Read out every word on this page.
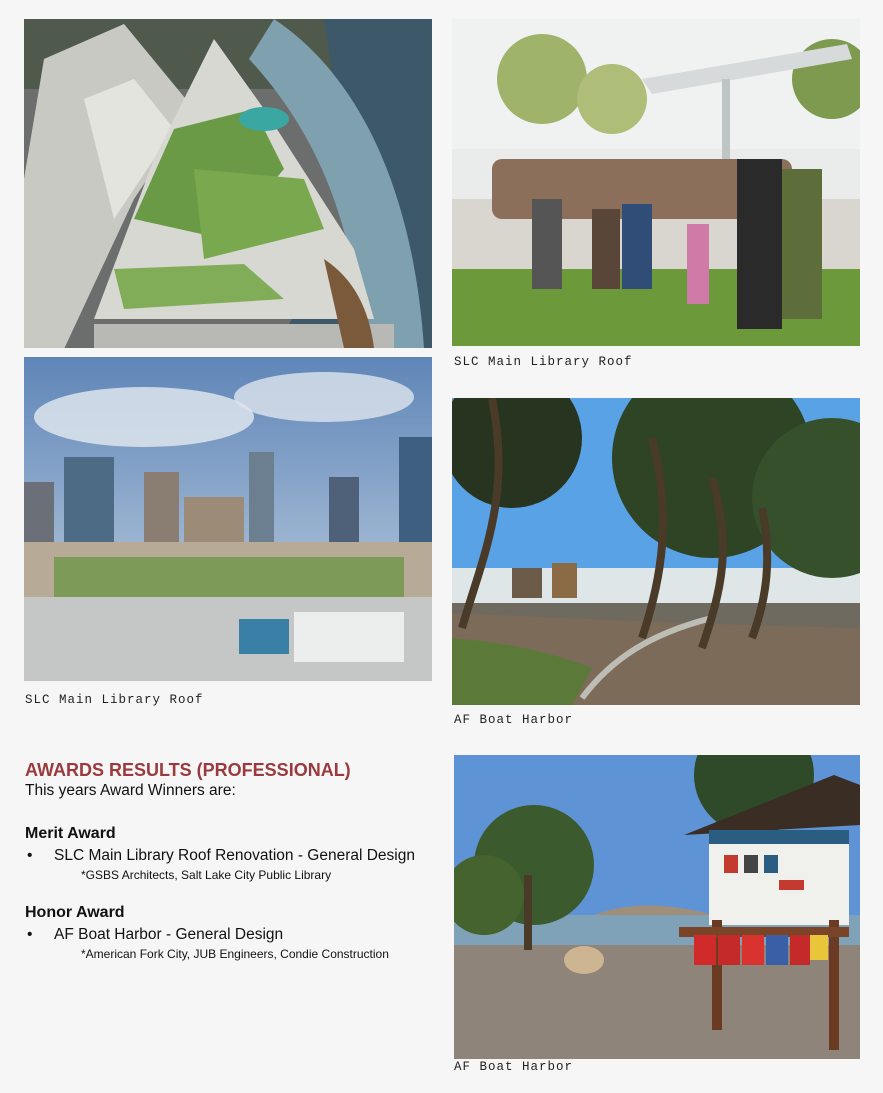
SLC Main Library Roof
SLC Main Library Roof
AF Boat Harbor
AF Boat Harbor
AWARDS RESULTS (PROFESSIONAL)
This years Award Winners are:
Merit Award
•	SLC Main Library Roof Renovation - General Design
*GSBS Architects, Salt Lake City Public Library
Honor Award
•	AF Boat Harbor - General Design
*American Fork City, JUB Engineers, Condie Construction
